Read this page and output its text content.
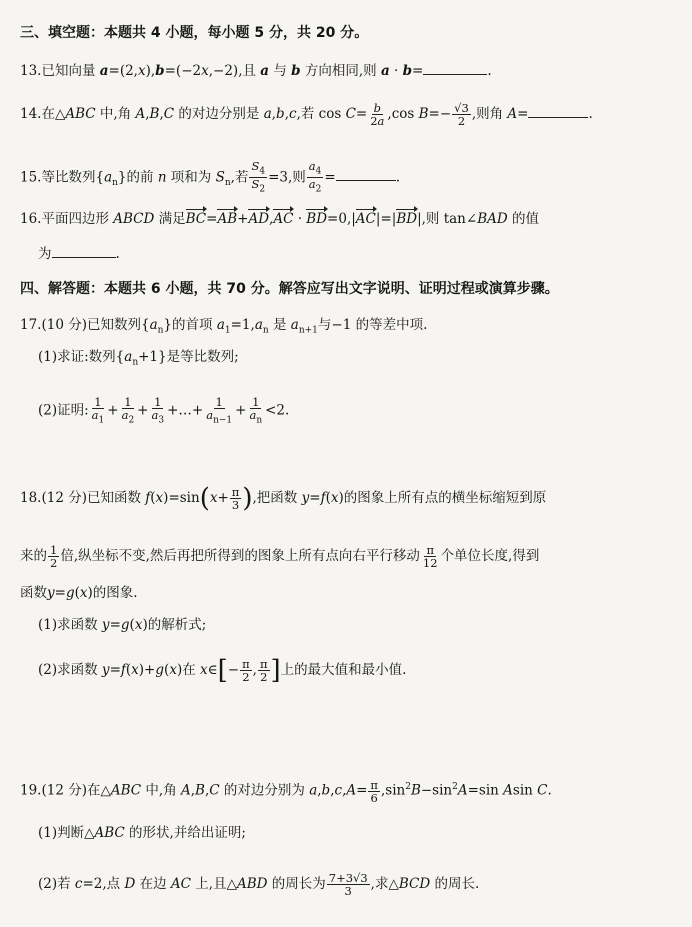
三、填空题：本题共 4 小题，每小题 5 分，共 20 分。
13.已知向量 a=(2,x),b=(−2x,−2),且 a 与 b 方向相同,则 a · b=	.
14.在△ABC 中,角 A,B,C 的对边分别是 a,b,c,若 $\cos C= \frac{b}{2a} ,\cos$ $B=- \frac{√3}{2}$ ,则角 A=	.
15.等比数列$\{a_n\}$的前 n 项和为 $S_n$,若 $\frac{S_4}{S_2} =3$,则 $\frac{a_4}{a_2}$ =	.
16.平面四边形 ABCD 满足BC=AB+AD,AC · BD=0,|AC|=|BD|,则 tan∠BAD 的值
为	.
四、解答题：本题共 6 小题，共 70 分。解答应写出文字说明、证明过程或演算步骤。
17.(10 分)已知数列$\{a_n\}$的首项 $a_1=1,a_n$ 是 $a_{n+1}$与−1 的等差中项.
(1)求证:数列$\{a_n+1\}$是等比数列;
(2)证明: $\frac{1}{a_1} + \frac{1}{a_2} + \frac{1}{a_3}$ +…+ $\frac{1}{a_{n-1}} + \frac{1}{a_n} <2$.
18.(12 分)已知函数 $f(x)=\sin(x+ \frac{\pi}{3}$ ),把函数 y=f(x)的图象上所有点的横坐标缩短到原
来的 $\frac{1}{2}$ 倍,纵坐标不变,然后再把所得到的图象上所有点向右平行移动 $\frac{\pi}{12}$ 个单位长度,得到
函数y=g(x)的图象.
(1)求函数 y=g(x)的解析式;
(2)求函数 y=f(x)+g(x)在 x∈[− $\frac{\pi}{2}$ , $\frac{\pi}{2}$ ]上的最大值和最小值.
19.(12 分)在△ABC 中,角 A,B,C 的对边分别为 $a,b,c,A= \frac{\pi}{6} ,\sin^2B-\sin^2A=\sin$ Asin C.
(1)判断△ABC 的形状,并给出证明;
(2)若 c=2,点 D 在边 AC 上,且△ABD 的周长为 $\frac{7+3√3}{3}$ ,求△BCD 的周长.
